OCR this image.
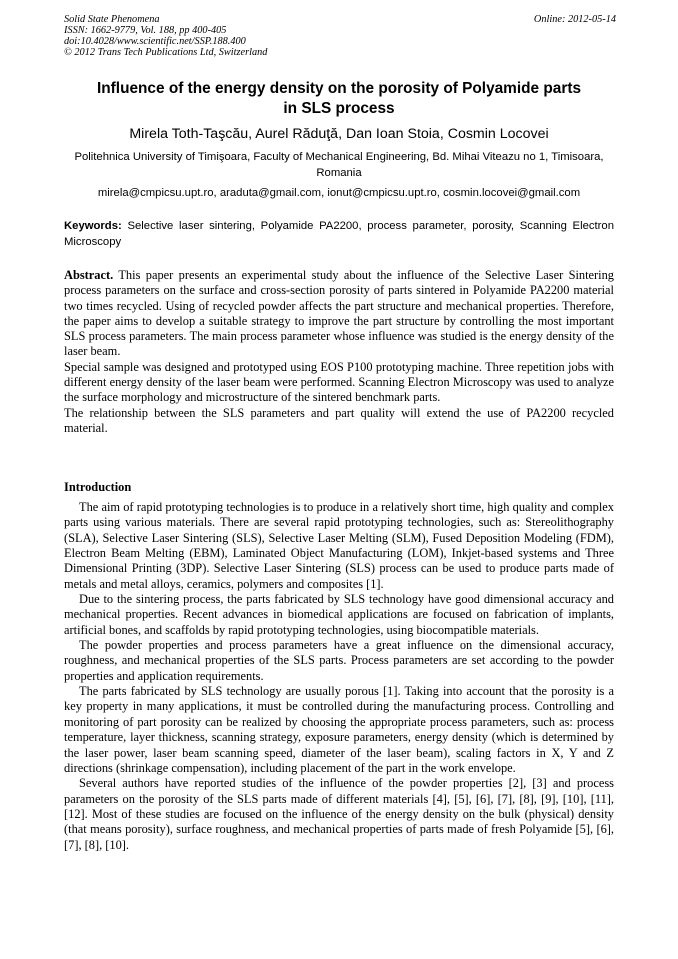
Solid State Phenomena
ISSN: 1662-9779, Vol. 188, pp 400-405
doi:10.4028/www.scientific.net/SSP.188.400
© 2012 Trans Tech Publications Ltd, Switzerland
Online: 2012-05-14
Influence of the energy density on the porosity of Polyamide parts
in SLS process
Mirela Toth-Taşcău, Aurel Răduţă, Dan Ioan Stoia, Cosmin Locovei
Politehnica University of Timişoara, Faculty of Mechanical Engineering, Bd. Mihai Viteazu no 1, Timisoara, Romania
mirela@cmpicsu.upt.ro, araduta@gmail.com, ionut@cmpicsu.upt.ro, cosmin.locovei@gmail.com
Keywords: Selective laser sintering, Polyamide PA2200, process parameter, porosity, Scanning Electron Microscopy

Abstract. This paper presents an experimental study about the influence of the Selective Laser Sintering process parameters on the surface and cross-section porosity of parts sintered in Polyamide PA2200 material two times recycled. Using of recycled powder affects the part structure and mechanical properties. Therefore, the paper aims to develop a suitable strategy to improve the part structure by controlling the most important SLS process parameters. The main process parameter whose influence was studied is the energy density of the laser beam.

Special sample was designed and prototyped using EOS P100 prototyping machine. Three repetition jobs with different energy density of the laser beam were performed. Scanning Electron Microscopy was used to analyze the surface morphology and microstructure of the sintered benchmark parts.

The relationship between the SLS parameters and part quality will extend the use of PA2200 recycled material.

Introduction

The aim of rapid prototyping technologies is to produce in a relatively short time, high quality and complex parts using various materials. There are several rapid prototyping technologies, such as: Stereolithography (SLA), Selective Laser Sintering (SLS), Selective Laser Melting (SLM), Fused Deposition Modeling (FDM), Electron Beam Melting (EBM), Laminated Object Manufacturing (LOM), Inkjet-based systems and Three Dimensional Printing (3DP). Selective Laser Sintering (SLS) process can be used to produce parts made of metals and metal alloys, ceramics, polymers and composites [1].

Due to the sintering process, the parts fabricated by SLS technology have good dimensional accuracy and mechanical properties. Recent advances in biomedical applications are focused on fabrication of implants, artificial bones, and scaffolds by rapid prototyping technologies, using biocompatible materials.

The powder properties and process parameters have a great influence on the dimensional accuracy, roughness, and mechanical properties of the SLS parts. Process parameters are set according to the powder properties and application requirements.

The parts fabricated by SLS technology are usually porous [1]. Taking into account that the porosity is a key property in many applications, it must be controlled during the manufacturing process. Controlling and monitoring of part porosity can be realized by choosing the appropriate process parameters, such as: process temperature, layer thickness, scanning strategy, exposure parameters, energy density (which is determined by the laser power, laser beam scanning speed, diameter of the laser beam), scaling factors in X, Y and Z directions (shrinkage compensation), including placement of the part in the work envelope.

Several authors have reported studies of the influence of the powder properties [2], [3] and process parameters on the porosity of the SLS parts made of different materials [4], [5], [6], [7], [8], [9], [10], [11], [12]. Most of these studies are focused on the influence of the energy density on the bulk (physical) density (that means porosity), surface roughness, and mechanical properties of parts made of fresh Polyamide [5], [6], [7], [8], [10].
